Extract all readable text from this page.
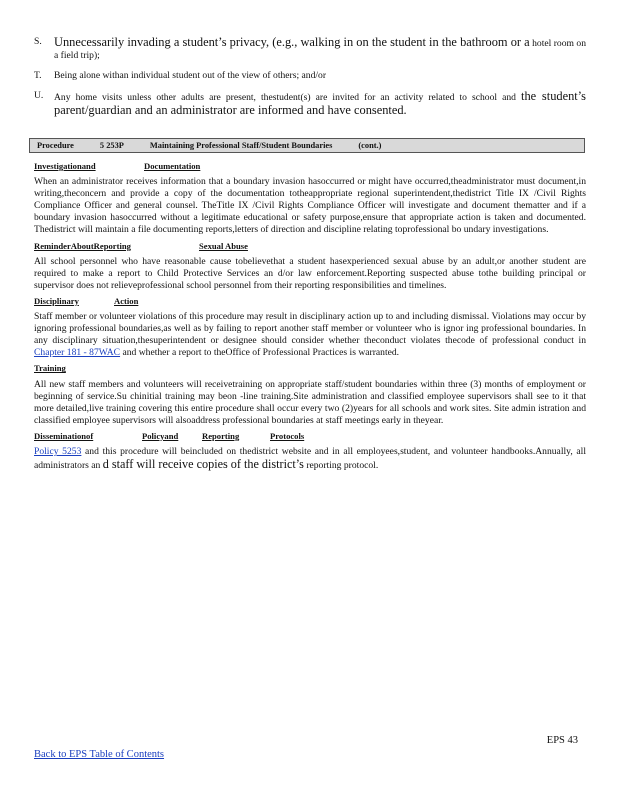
S. Unnecessarily invading a student’s privacy, (e.g., walking in on the student in the bathroom or a hotel room on a field trip);
T.	Being alone withan individual student out of the view of others; and/or
U.	Any home visits unless other adults are present, thestudent(s) are invited for an activity related to school and the student’s parent/guardian and an administrator are informed and have consented.
Procedure	5 253P	Maintaining Professional Staff/Student Boundaries	(cont.)
Investigationand	Documentation
When an administrator receives information that a boundary invasion hasoccurred or might have occurred,theadministrator must document,in writing,theconcern and provide a copy of the documentation totheappropriate regional superintendent,thedistrict Title IX /Civil Rights Compliance Officer and general counsel. TheTitle IX /Civil Rights Compliance Officer will investigate and document thematter and if a boundary invasion hasoccurred without a legitimate educational or safety purpose,ensure that appropriate action is taken and documented. Thedistrict will maintain a file documenting reports,letters of direction and discipline relating toprofessional bo undary investigations.
ReminderAboutReporting	Sexual Abuse
All school personnel who have reasonable cause tobelievethat a student hasexperienced sexual abuse by an adult,or another student are required to make a report to Child Protective Services an d/or law enforcement.Reporting suspected abuse tothe building principal or supervisor does not relieveprofessional school personnel from their reporting responsibilities and timelines.
Disciplinary	Action
Staff member or volunteer violations of this procedure may result in disciplinary action up to and including dismissal. Violations may occur by ignoring professional boundaries,as well as by failing to report another staff member or volunteer who is ignor ing professional boundaries. In any disciplinary situation,thesuperintendent or designee should consider whether theconduct violates thecode of professional conduct in Chapter 181 - 87WAC and whether a report to theOffice of Professional Practices is warranted.
Training
All new staff members and volunteers will receivetraining on appropriate staff/student boundaries within three (3) months of employment or beginning of service.Su chinitial training may beon -line training.Site administration and classified employee supervisors shall see to it that more detailed,live training covering this entire procedure shall occur every two (2)years for all schools and work sites. Site admin istration and classified employee supervisors will alsoaddress professional boundaries at staff meetings early in theyear.
Disseminationof	Policyand	Reporting	Protocols
Policy 5253 and this procedure will beincluded on thedistrict website and in all employees,student, and volunteer handbooks.Annually, all administrators an d staff will receive copies of the district’s reporting protocol.
EPS 43
Back to EPS Table of Contents
